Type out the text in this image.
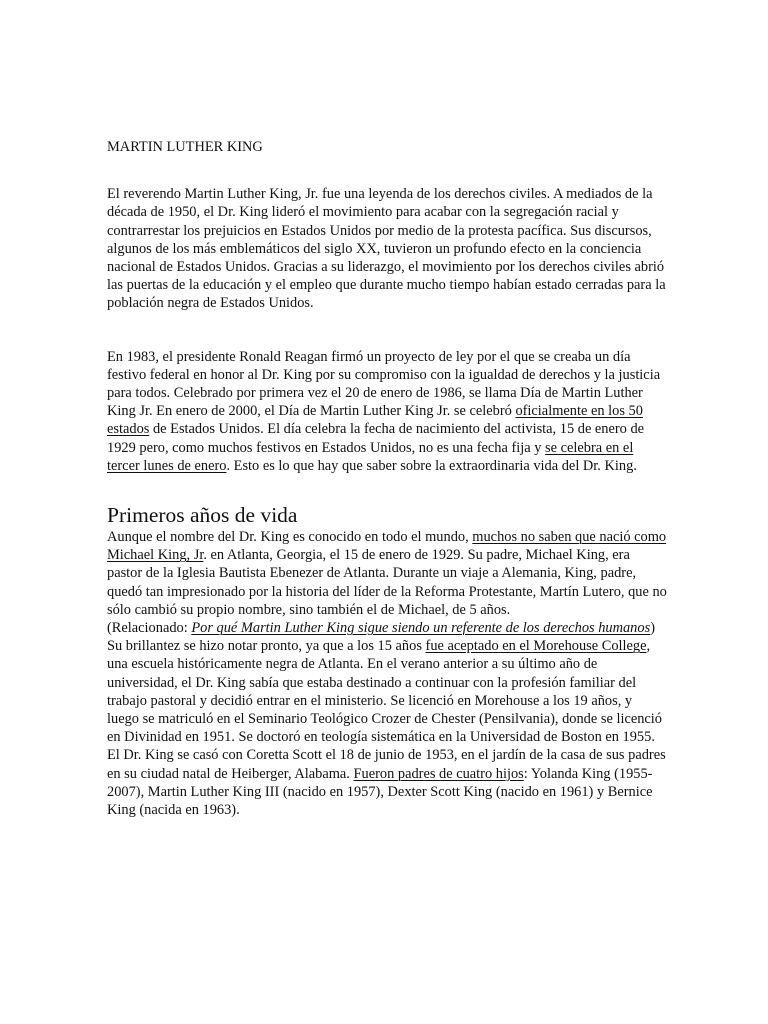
MARTIN LUTHER KING

El reverendo Martin Luther King, Jr. fue una leyenda de los derechos civiles. A mediados de la década de 1950, el Dr. King lideró el movimiento para acabar con la segregación racial y contrarrestar los prejuicios en Estados Unidos por medio de la protesta pacífica. Sus discursos, algunos de los más emblemáticos del siglo XX, tuvieron un profundo efecto en la conciencia nacional de Estados Unidos. Gracias a su liderazgo, el movimiento por los derechos civiles abrió las puertas de la educación y el empleo que durante mucho tiempo habían estado cerradas para la población negra de Estados Unidos.

En 1983, el presidente Ronald Reagan firmó un proyecto de ley por el que se creaba un día festivo federal en honor al Dr. King por su compromiso con la igualdad de derechos y la justicia para todos. Celebrado por primera vez el 20 de enero de 1986, se llama Día de Martin Luther King Jr. En enero de 2000, el Día de Martin Luther King Jr. se celebró oficialmente en los 50 estados de Estados Unidos. El día celebra la fecha de nacimiento del activista, 15 de enero de 1929 pero, como muchos festivos en Estados Unidos, no es una fecha fija y se celebra en el tercer lunes de enero. Esto es lo que hay que saber sobre la extraordinaria vida del Dr. King.

Primeros años de vida

Aunque el nombre del Dr. King es conocido en todo el mundo, muchos no saben que nació como Michael King, Jr. en Atlanta, Georgia, el 15 de enero de 1929. Su padre, Michael King, era pastor de la Iglesia Bautista Ebenezer de Atlanta. Durante un viaje a Alemania, King, padre, quedó tan impresionado por la historia del líder de la Reforma Protestante, Martín Lutero, que no sólo cambió su propio nombre, sino también el de Michael, de 5 años.

(Relacionado: Por qué Martin Luther King sigue siendo un referente de los derechos humanos)

Su brillantez se hizo notar pronto, ya que a los 15 años fue aceptado en el Morehouse College, una escuela históricamente negra de Atlanta. En el verano anterior a su último año de universidad, el Dr. King sabía que estaba destinado a continuar con la profesión familiar del trabajo pastoral y decidió entrar en el ministerio. Se licenció en Morehouse a los 19 años, y luego se matriculó en el Seminario Teológico Crozer de Chester (Pensilvania), donde se licenció en Divinidad en 1951. Se doctoró en teología sistemática en la Universidad de Boston en 1955.

El Dr. King se casó con Coretta Scott el 18 de junio de 1953, en el jardín de la casa de sus padres en su ciudad natal de Heiberger, Alabama. Fueron padres de cuatro hijos: Yolanda King (1955-2007), Martin Luther King III (nacido en 1957), Dexter Scott King (nacido en 1961) y Bernice King (nacida en 1963).
